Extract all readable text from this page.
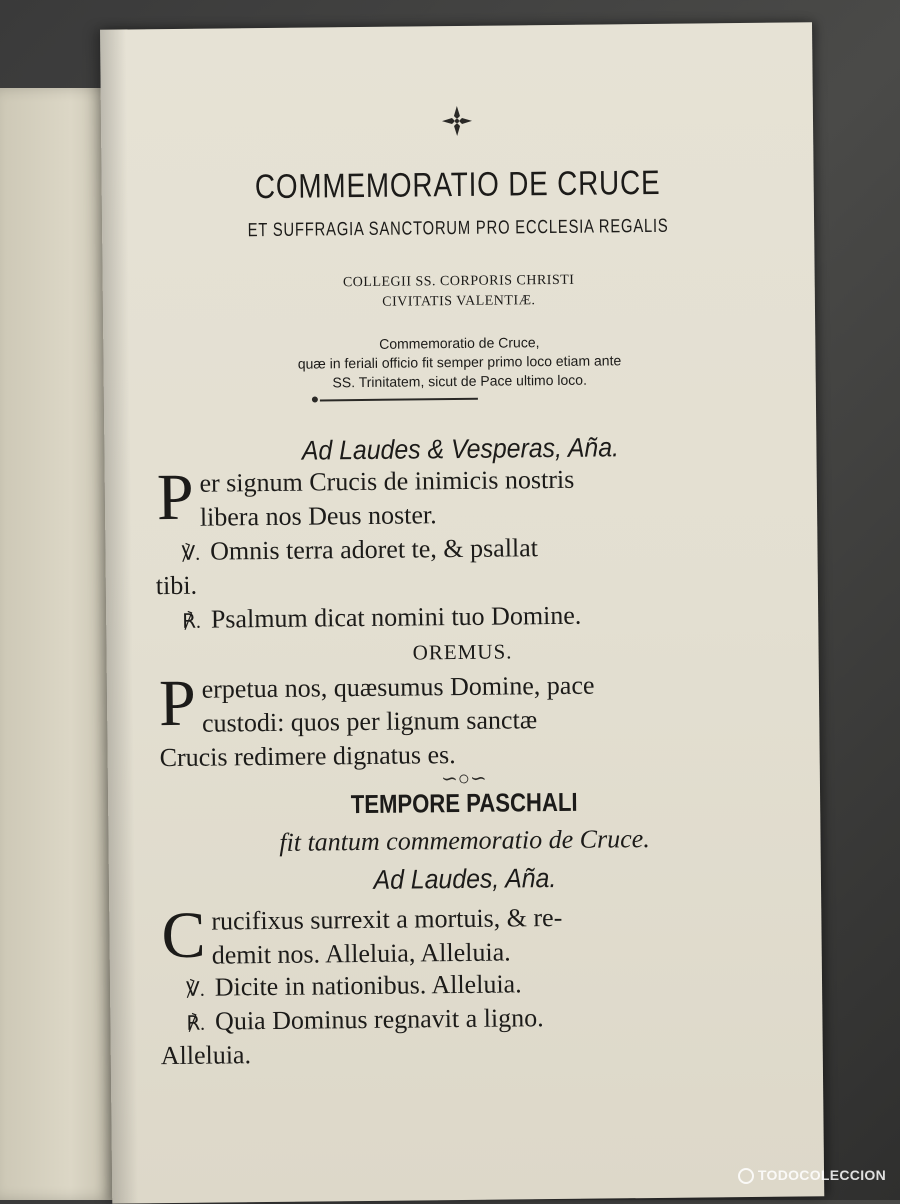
COMMEMORATIO DE CRUCE
ET SUFFRAGIA SANCTORUM PRO ECCLESIA REGALIS
COLLEGII SS. CORPORIS CHRISTI
CIVITATIS VALENTIÆ.
Commemoratio de Cruce,
quæ in feriali officio fit semper primo loco etiam ante
SS. Trinitatem, sicut de Pace ultimo loco.
Ad Laudes & Vesperas, Aña.
P er signum Crucis de inimicis nostris
libera nos Deus noster.
℣. Omnis terra adoret te, & psallat
tibi.
℟. Psalmum dicat nomini tuo Domine.
OREMUS.
P erpetua nos, quæsumus Domine, pace
custodi: quos per lignum sanctæ
Crucis redimere dignatus es.
∽○∽
TEMPORE PASCHALI
fit tantum commemoratio de Cruce.
Ad Laudes, Aña.
C rucifixus surrexit a mortuis, & re-
demit nos. Alleluia, Alleluia.
℣. Dicite in nationibus. Alleluia.
℟. Quia Dominus regnavit a ligno.
Alleluia.
TODOCOLECCION
